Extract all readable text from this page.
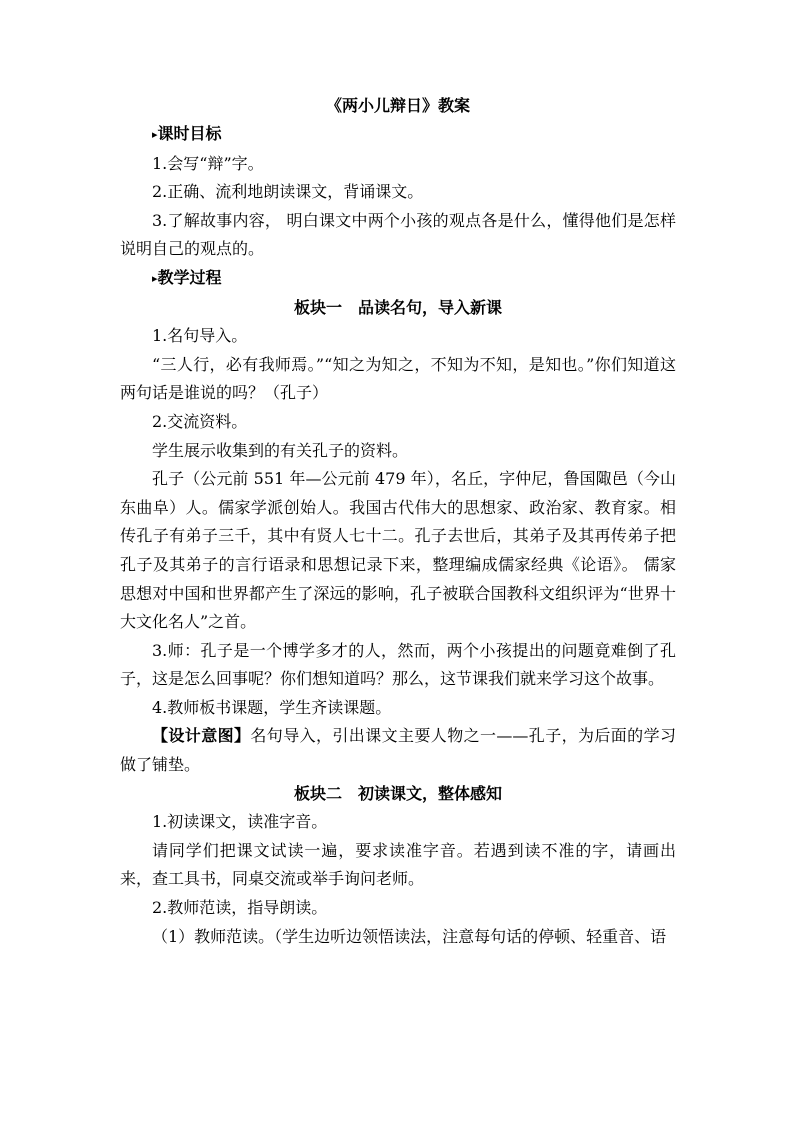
《两小儿辩日》教案

▸课时目标

1.会写“辩”字。

2.正确、流利地朗读课文，背诵课文。

3.了解故事内容， 明白课文中两个小孩的观点各是什么，懂得他们是怎样说明自己的观点的。

▸教学过程

板块一　品读名句，导入新课

1.名句导入。

“三人行，必有我师焉。”“知之为知之，不知为不知，是知也。”你们知道这两句话是谁说的吗？（孔子）

2.交流资料。

学生展示收集到的有关孔子的资料。

孔子（公元前 551 年—公元前 479 年），名丘，字仲尼，鲁国陬邑（今山东曲阜）人。儒家学派创始人。我国古代伟大的思想家、政治家、教育家。相传孔子有弟子三千，其中有贤人七十二。孔子去世后，其弟子及其再传弟子把孔子及其弟子的言行语录和思想记录下来，整理编成儒家经典《论语》。 儒家思想对中国和世界都产生了深远的影响，孔子被联合国教科文组织评为“世界十大文化名人”之首。

3.师：孔子是一个博学多才的人，然而，两个小孩提出的问题竟难倒了孔子，这是怎么回事呢？你们想知道吗？那么，这节课我们就来学习这个故事。

4.教师板书课题，学生齐读课题。

【设计意图】名句导入，引出课文主要人物之一——孔子，为后面的学习做了铺垫。

板块二　初读课文，整体感知

1.初读课文，读准字音。

请同学们把课文试读一遍，要求读准字音。若遇到读不准的字，请画出来，查工具书，同桌交流或举手询问老师。

2.教师范读，指导朗读。

（1）教师范读。（学生边听边领悟读法，注意每句话的停顿、轻重音、语
